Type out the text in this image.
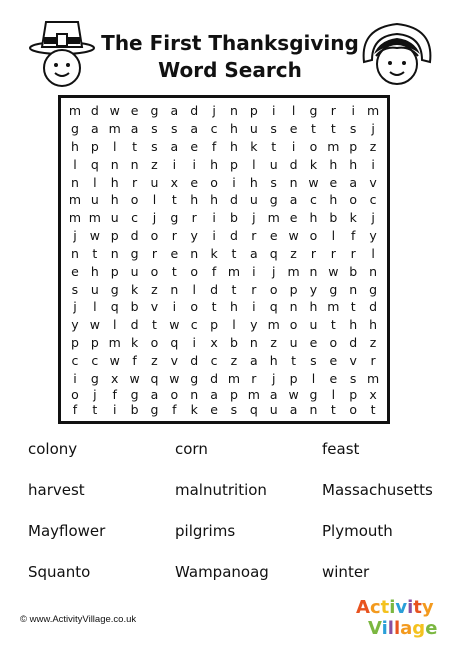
The First Thanksgiving
Word Search
m d w e g a d	j	n p	i	l	g	r	i m
g a m a	s	s	a	c h u	s	e	t	t	s	j
h p	l	t	s	a e	f	h k	t	i	o m p	z
l	q n n	z	i	i	h p	l	u d k h h	i
n	l	h	r	u x e o	i	h	s	n w e a v
m u h o	l	t	h h d u g a	c h o	c
m m u c	j	g	r	i	b	j m e h b k	j
j	w p d o	r	y	i	d	r	e w o	l	f	y
n	t	n g	r	e n k	t	a q	z	r	r	r	l
e h p u o	t	o	f m i	j m n w b n
s	u g k	z	n	l	d	t	r	o p y g n g
j	l	q b v	i	o	t	h	i	q n h m t	d
y w	l	d	t w c p	l	y m o u	t	h h
p p m k o q	i	x b n	z	u e o d	z
c	c w	f	z	v d c	z	a h	t	s	e v	r
i	g x w q w g d m r	j	p	l	e	s m
o	j	f	g a o n a p m a w g	l	p x
f	t	i	b g	f	k e	s	q u a n	t	o	t
colony	corn	feast
harvest	malnutrition	Massachusetts
Mayflower	pilgrims	Plymouth
Squanto	Wampanoag	winter
© www.ActivityVillage.co.uk
Activity
Village
